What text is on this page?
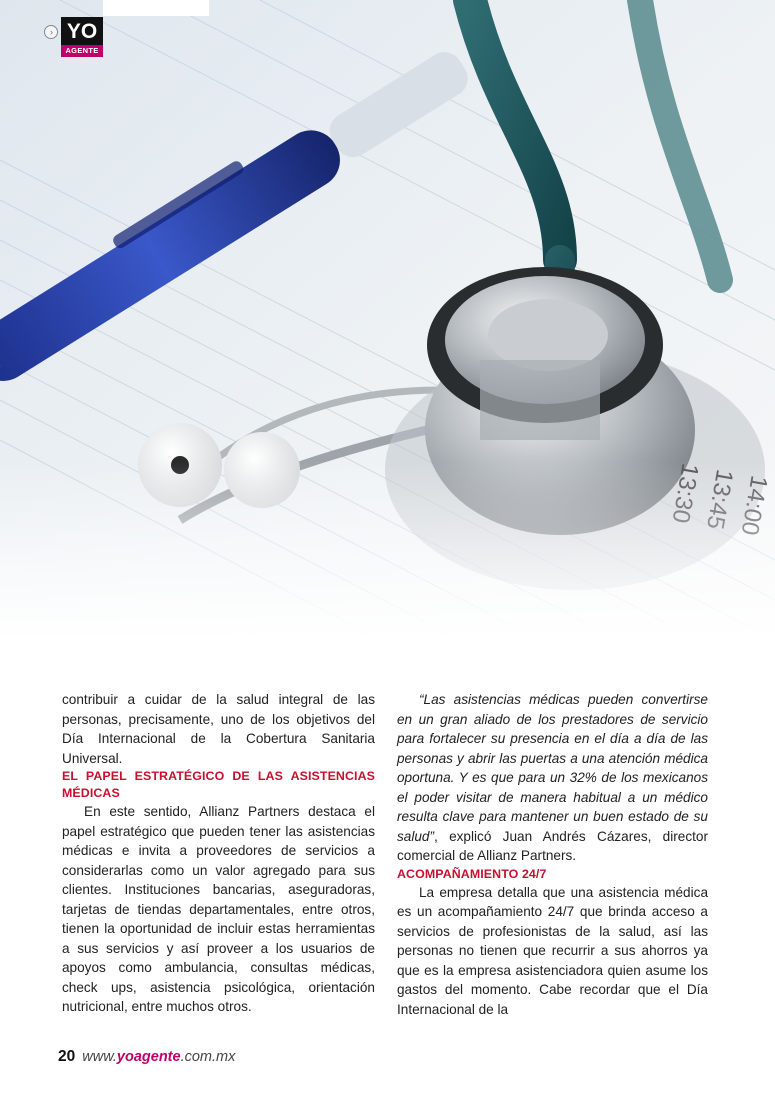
› YO
AGENTE

contribuir a cuidar de la salud integral de las personas, precisamente, uno de los objetivos del Día Internacional de la Cobertura Sanitaria Universal.

EL PAPEL ESTRATÉGICO DE LAS ASISTENCIAS MÉDICAS

En este sentido, Allianz Partners destaca el papel estratégico que pueden tener las asistencias médicas e invita a proveedores de servicios a considerarlas como un valor agregado para sus clientes. Instituciones bancarias, aseguradoras, tarjetas de tiendas departamentales, entre otros, tienen la oportunidad de incluir estas herramientas a sus servicios y así proveer a los usuarios de apoyos como ambulancia, consultas médicas, check ups, asistencia psicológica, orientación nutricional, entre muchos otros.

“Las asistencias médicas pueden convertirse en un gran aliado de los prestadores de servicio para fortalecer su presencia en el día a día de las personas y abrir las puertas a una atención médica oportuna. Y es que para un 32% de los mexicanos el poder visitar de manera habitual a un médico resulta clave para mantener un buen estado de su salud”, explicó Juan Andrés Cázares, director comercial de Allianz Partners.

ACOMPAÑAMIENTO 24/7

La empresa detalla que una asistencia médica es un acompañamiento 24/7 que brinda acceso a servicios de profesionistas de la salud, así las personas no tienen que recurrir a sus ahorros ya que es la empresa asistenciadora quien asume los gastos del momento. Cabe recordar que el Día Internacional de la

20 www.yoagente.com.mx
